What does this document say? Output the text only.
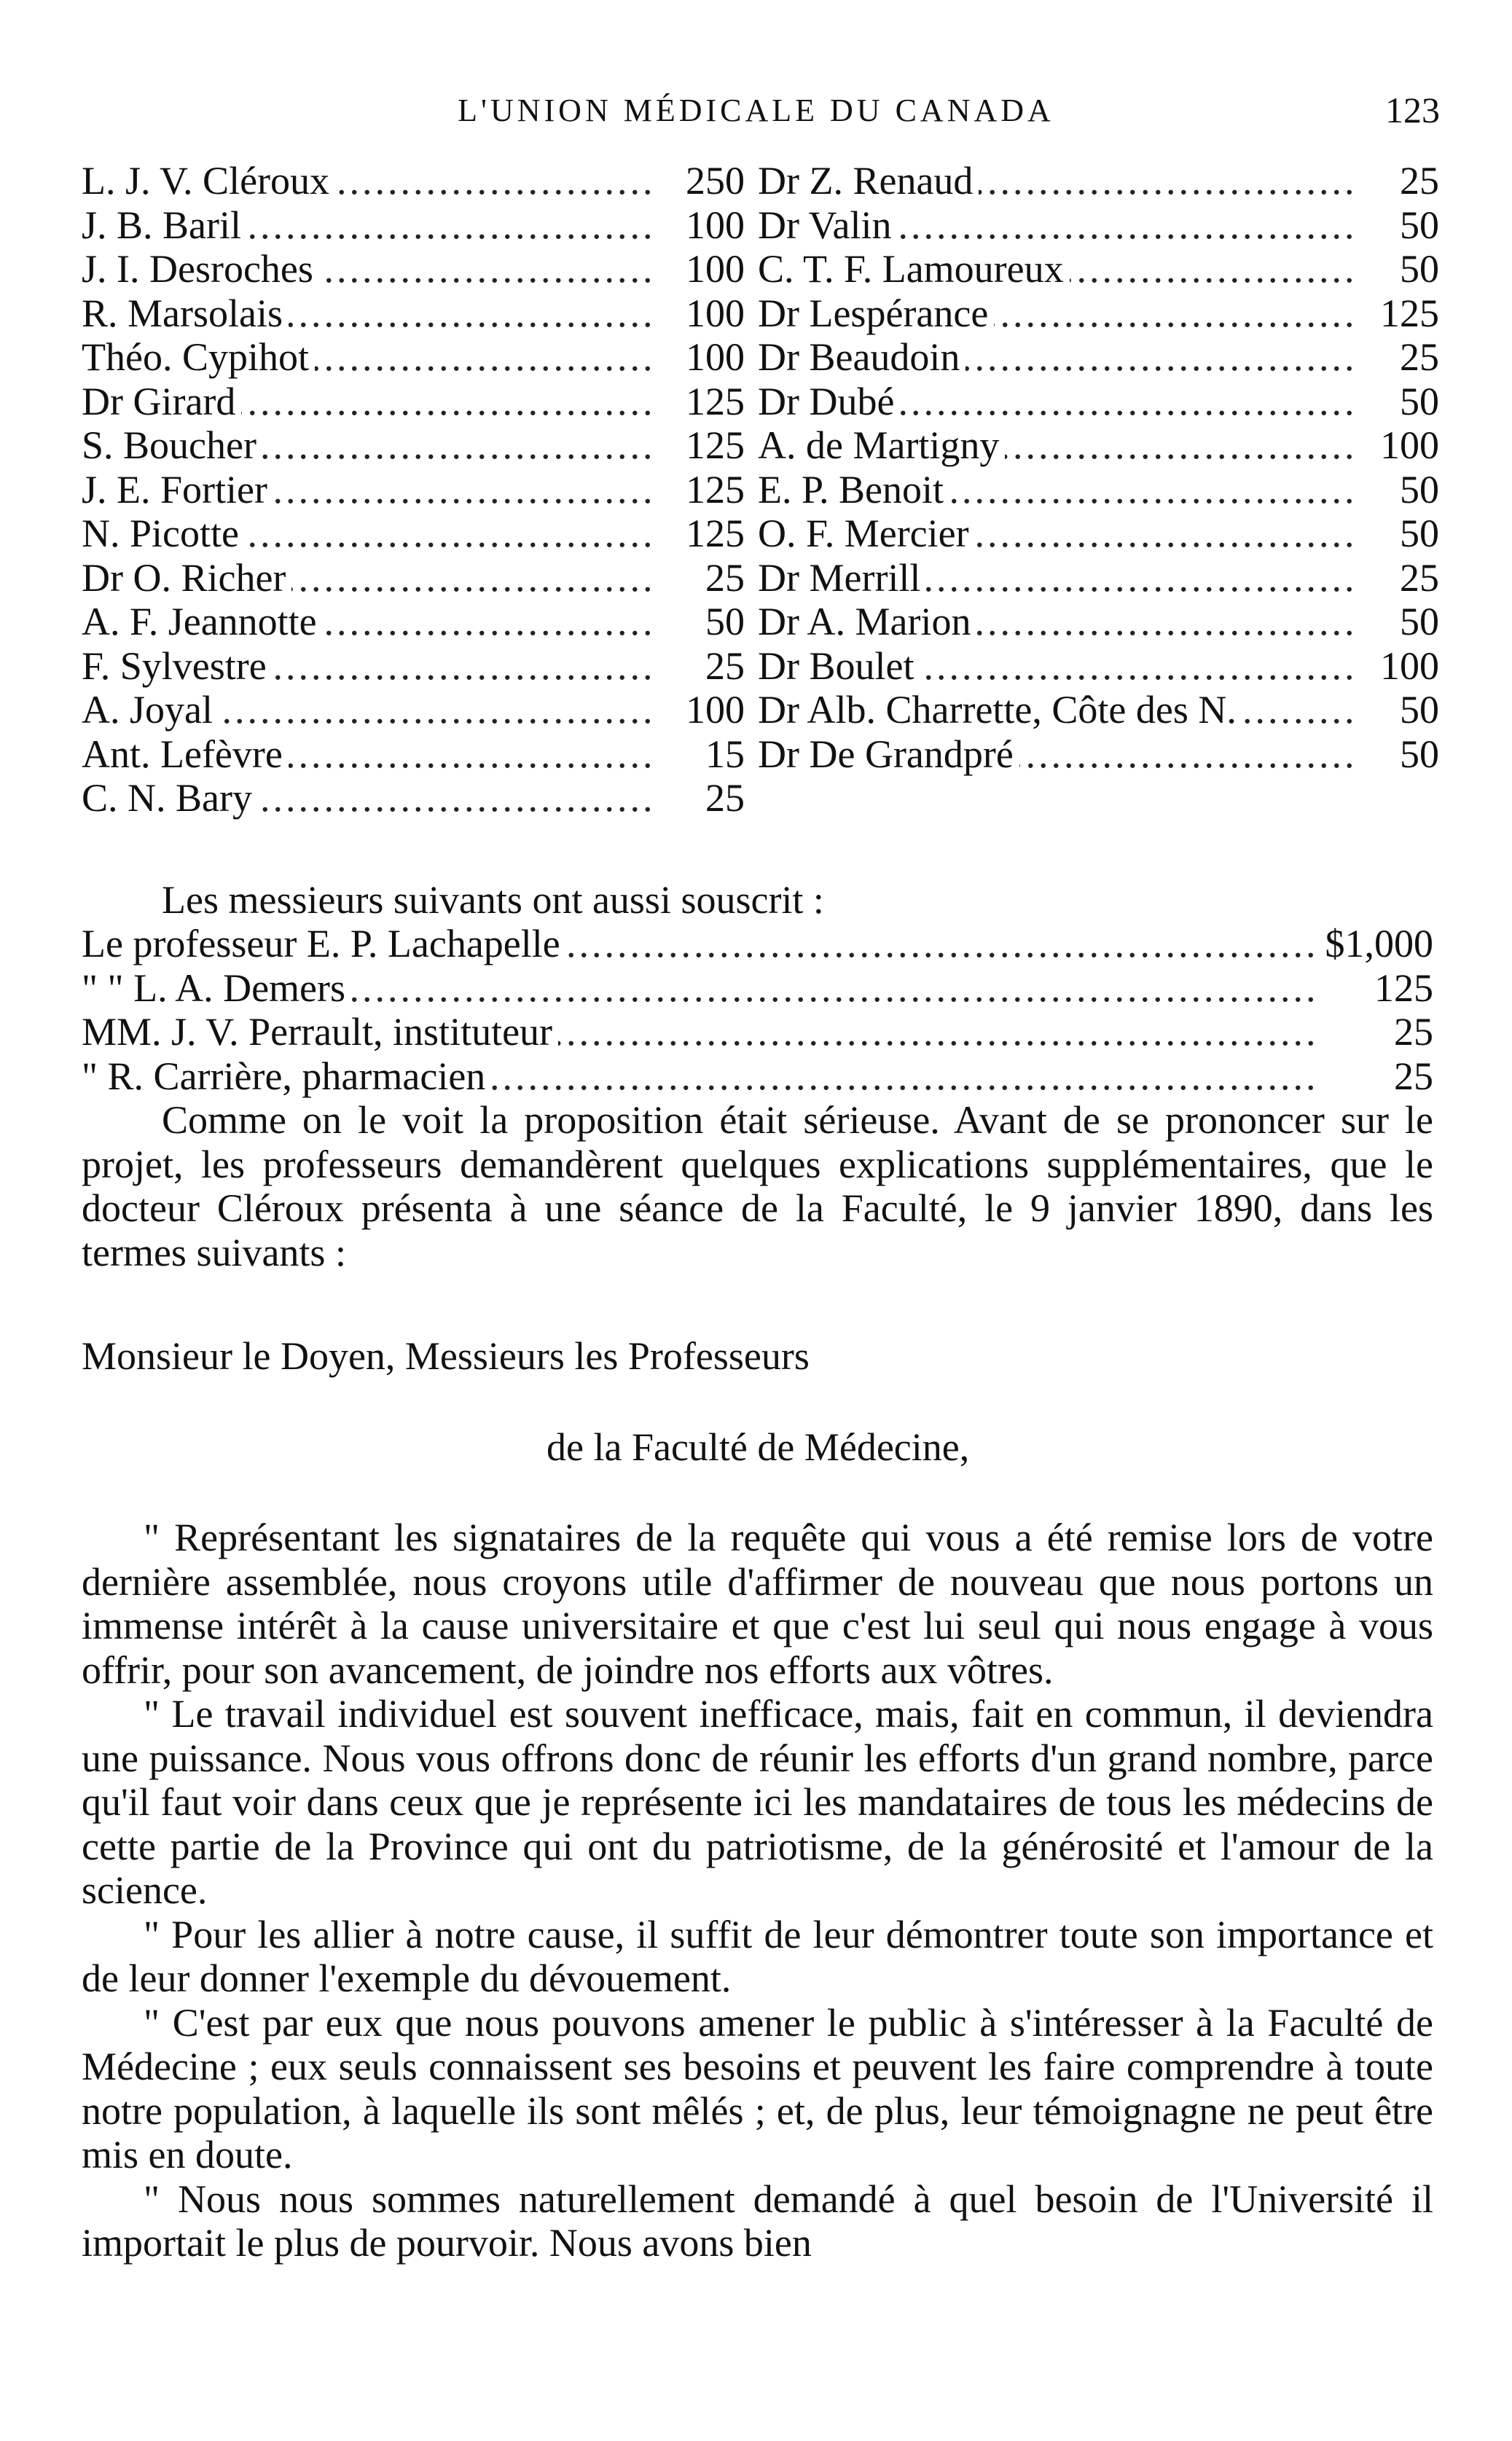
L'UNION MÉDICALE DU CANADA	123
.....
L. J. V. Cléroux	250
.....
J. B. Baril	100
.....
J. I. Desroches	100
.....
R. Marsolais	100
.....
Théo. Cypihot	100
.....
Dr Girard	125
.....
S. Boucher	125
.....
J. E. Fortier	125
.....
N. Picotte	125
.....
Dr O. Richer	25
.....
A. F. Jeannotte	50
.....
F. Sylvestre	25
.....
A. Joyal	100
.....
Ant. Lefèvre	15
.....
C. N. Bary	25
.....
Dr Z. Renaud	25
.....
Dr Valin	50
.....
C. T. F. Lamoureux	50
.....
Dr Lespérance	125
.....
Dr Beaudoin	25
.....
Dr Dubé	50
.....
A. de Martigny	100
.....
E. P. Benoit	50
.....
O. F. Mercier	50
.....
Dr Merrill	25
.....
Dr A. Marion	50
.....
Dr Boulet	100
.....
Dr Alb. Charrette, Côte des N.	50
.....
Dr De Grandpré	50
Les messieurs suivants ont aussi souscrit :
.....
Le professeur E. P. Lachapelle	$1,000
.....
" " L. A. Demers	125
.....
MM. J. V. Perrault, instituteur	25
.....
" R. Carrière, pharmacien	25
Comme on le voit la proposition était sérieuse. Avant de se prononcer sur le projet, les professeurs demandèrent quelques explications supplémentaires, que le docteur Cléroux présenta à une séance de la Faculté, le 9 janvier 1890, dans les termes suivants :
Monsieur le Doyen, Messieurs les Professeurs
de la Faculté de Médecine,

" Représentant les signataires de la requête qui vous a été remise lors de votre dernière assemblée, nous croyons utile d'affirmer de nouveau que nous portons un immense intérêt à la cause universitaire et que c'est lui seul qui nous engage à vous offrir, pour son avancement, de joindre nos efforts aux vôtres.

" Le travail individuel est souvent inefficace, mais, fait en commun, il deviendra une puissance. Nous vous offrons donc de réunir les efforts d'un grand nombre, parce qu'il faut voir dans ceux que je représente ici les mandataires de tous les médecins de cette partie de la Province qui ont du patriotisme, de la générosité et l'amour de la science.

" Pour les allier à notre cause, il suffit de leur démontrer toute son importance et de leur donner l'exemple du dévouement.

" C'est par eux que nous pouvons amener le public à s'intéresser à la Faculté de Médecine ; eux seuls connaissent ses besoins et peuvent les faire comprendre à toute notre population, à laquelle ils sont mêlés ; et, de plus, leur témoignagne ne peut être mis en doute.

" Nous nous sommes naturellement demandé à quel besoin de l'Université il importait le plus de pourvoir. Nous avons bien
